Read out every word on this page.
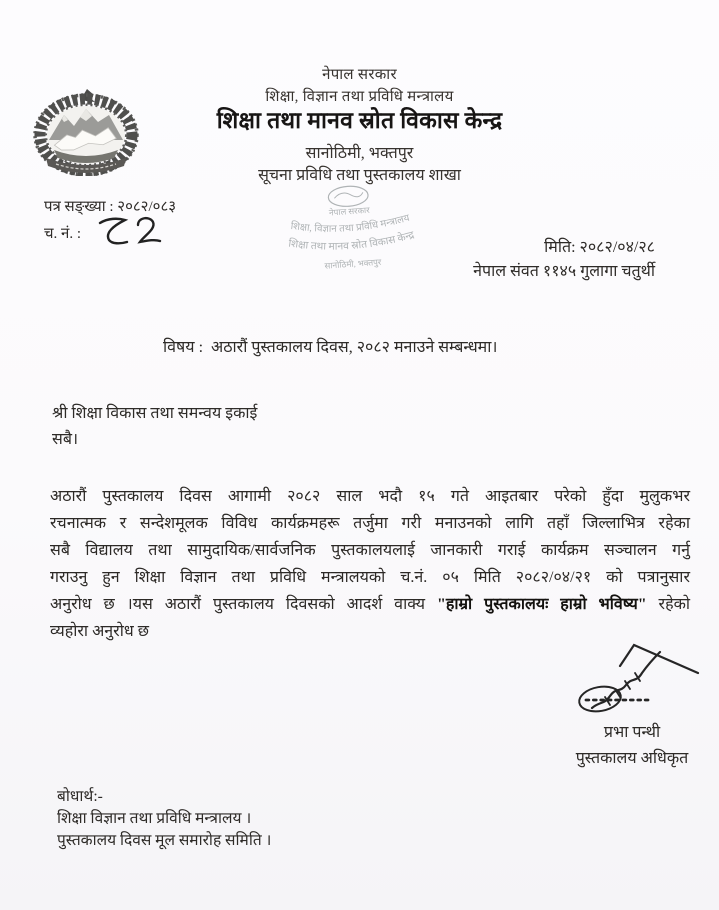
नेपाल सरकार
शिक्षा, विज्ञान तथा प्रविधि मन्त्रालय
शिक्षा तथा मानव स्रोत विकास केन्द्र
सानोठिमी, भक्तपुर
सूचना प्रविधि तथा पुस्तकालय शाखा
पत्र सङ्ख्या : २०८२/०८३
च. नं. :
नेपाल सरकार
शिक्षा, विज्ञान तथा प्रविधि मन्त्रालय
शिक्षा तथा मानव स्रोत विकास केन्द्र
सानोठिमी, भक्तपुर
मिति: २०८२/०४/२८
नेपाल संवत ११४५ गुलागा चतुर्थी
विषय : अठारौं पुस्तकालय दिवस, २०८२ मनाउने सम्बन्धमा।
श्री शिक्षा विकास तथा समन्वय इकाई
सबै।
अठारौं पुस्तकालय दिवस आगामी २०८२ साल भदौ १५ गते आइतबार परेको हुँदा मुलुकभर
रचनात्मक र सन्देशमूलक विविध कार्यक्रमहरू तर्जुमा गरी मनाउनको लागि तहाँ जिल्लाभित्र रहेका
सबै विद्यालय तथा सामुदायिक/सार्वजनिक पुस्तकालयलाई जानकारी गराई कार्यक्रम सञ्चालन गर्नु
गराउनु हुन शिक्षा विज्ञान तथा प्रविधि मन्त्रालयको च.नं. ०५ मिति २०८२/०४/२१ को पत्रानुसार
अनुरोध छ ।यस अठारौं पुस्तकालय दिवसको आदर्श वाक्य "हाम्रो पुस्तकालयः हाम्रो भविष्य" रहेको
व्यहोरा अनुरोध छ
प्रभा पन्थी
पुस्तकालय अधिकृत
बोधार्थ:-
शिक्षा विज्ञान तथा प्रविधि मन्त्रालय ।
पुस्तकालय दिवस मूल समारोह समिति ।
